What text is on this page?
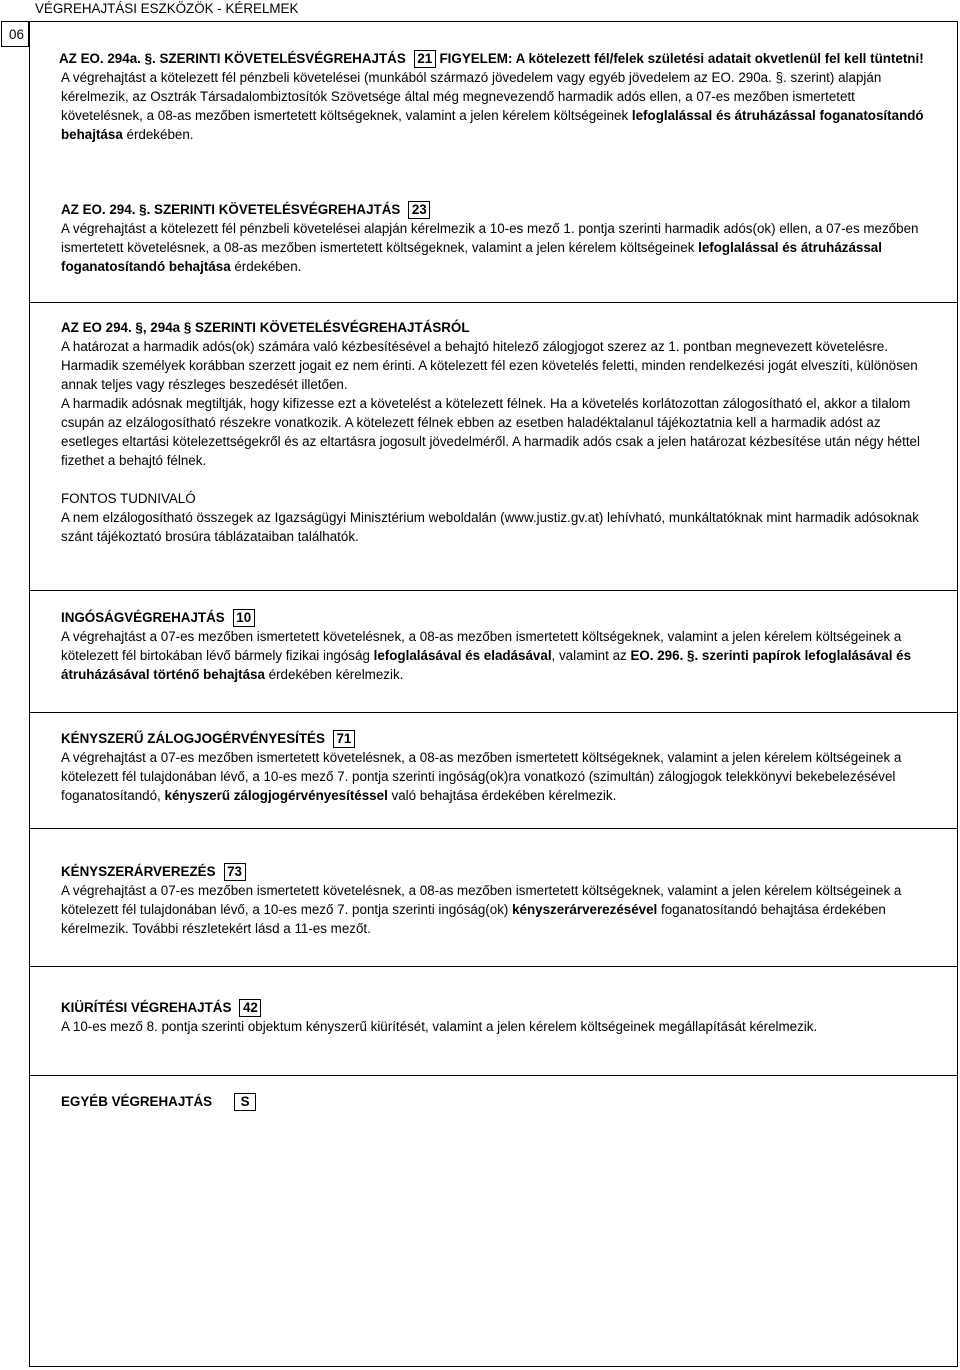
VÉGREHAJTÁSI ESZKÖZÖK - KÉRELMEK
06

AZ EO. 294a. §. SZERINTI KÖVETELÉSVÉGREHAJTÁS 21 FIGYELEM: A kötelezett fél/felek születési adatait okvetlenül fel kell tüntetni!

A végrehajtást a kötelezett fél pénzbeli követelései (munkából származó jövedelem vagy egyéb jövedelem az EO. 290a. §. szerint) alapján kérelmezik, az Osztrák Társadalombiztosítók Szövetsége által még megnevezendő harmadik adós ellen, a 07-es mezőben ismertetett követelésnek, a 08-as mezőben ismertetett költségeknek, valamint a jelen kérelem költségeinek lefoglalással és átruházással foganatosítandó behajtása érdekében.

AZ EO. 294. §. SZERINTI KÖVETELÉSVÉGREHAJTÁS 23

A végrehajtást a kötelezett fél pénzbeli követelései alapján kérelmezik a 10-es mező 1. pontja szerinti harmadik adós(ok) ellen, a 07-es mezőben ismertetett követelésnek, a 08-as mezőben ismertetett költségeknek, valamint a jelen kérelem költségeinek lefoglalással és átruházással foganatosítandó behajtása érdekében.

AZ EO 294. §, 294a § SZERINTI KÖVETELÉSVÉGREHAJTÁSRÓL

A határozat a harmadik adós(ok) számára való kézbesítésével a behajtó hitelező zálogjogot szerez az 1. pontban megnevezett követelésre. Harmadik személyek korábban szerzett jogait ez nem érinti. A kötelezett fél ezen követelés feletti, minden rendelkezési jogát elveszíti, különösen annak teljes vagy részleges beszedését illetően.

A harmadik adósnak megtiltják, hogy kifizesse ezt a követelést a kötelezett félnek. Ha a követelés korlátozottan zálogosítható el, akkor a tilalom csupán az elzálogosítható részekre vonatkozik. A kötelezett félnek ebben az esetben haladéktalanul tájékoztatnia kell a harmadik adóst az esetleges eltartási kötelezettségekről és az eltartásra jogosult jövedelméről. A harmadik adós csak a jelen határozat kézbesítése után négy héttel fizethet a behajtó félnek.

FONTOS TUDNIVALÓ

A nem elzálogosítható összegek az Igazságügyi Minisztérium weboldalán (www.justiz.gv.at) lehívható, munkáltatóknak mint harmadik adósoknak szánt tájékoztató brosúra táblázataiban találhatók.

INGÓSÁGVÉGREHAJTÁS 10

A végrehajtást a 07-es mezőben ismertetett követelésnek, a 08-as mezőben ismertetett költségeknek, valamint a jelen kérelem költségeinek a kötelezett fél birtokában lévő bármely fizikai ingóság lefoglalásával és eladásával, valamint az EO. 296. §. szerinti papírok lefoglalásával és átruházásával történő behajtása érdekében kérelmezik.

KÉNYSZERŰ ZÁLOGJOGÉRVÉNYESÍTÉS 71

A végrehajtást a 07-es mezőben ismertetett követelésnek, a 08-as mezőben ismertetett költségeknek, valamint a jelen kérelem költségeinek a kötelezett fél tulajdonában lévő, a 10-es mező 7. pontja szerinti ingóság(ok)ra vonatkozó (szimultán) zálogjogok telekkönyvi bekebelezésével foganatosítandó, kényszerű zálogjogérvényesítéssel való behajtása érdekében kérelmezik.

KÉNYSZERÁRVEREZÉS 73

A végrehajtást a 07-es mezőben ismertetett követelésnek, a 08-as mezőben ismertetett költségeknek, valamint a jelen kérelem költségeinek a kötelezett fél tulajdonában lévő, a 10-es mező 7. pontja szerinti ingóság(ok) kényszerárverezésével foganatosítandó behajtása érdekében kérelmezik. További részletekért lásd a 11-es mezőt.

KIÜRÍTÉSI VÉGREHAJTÁS 42

A 10-es mező 8. pontja szerinti objektum kényszerű kiürítését, valamint a jelen kérelem költségeinek megállapítását kérelmezik.

EGYÉB VÉGREHAJTÁS S
